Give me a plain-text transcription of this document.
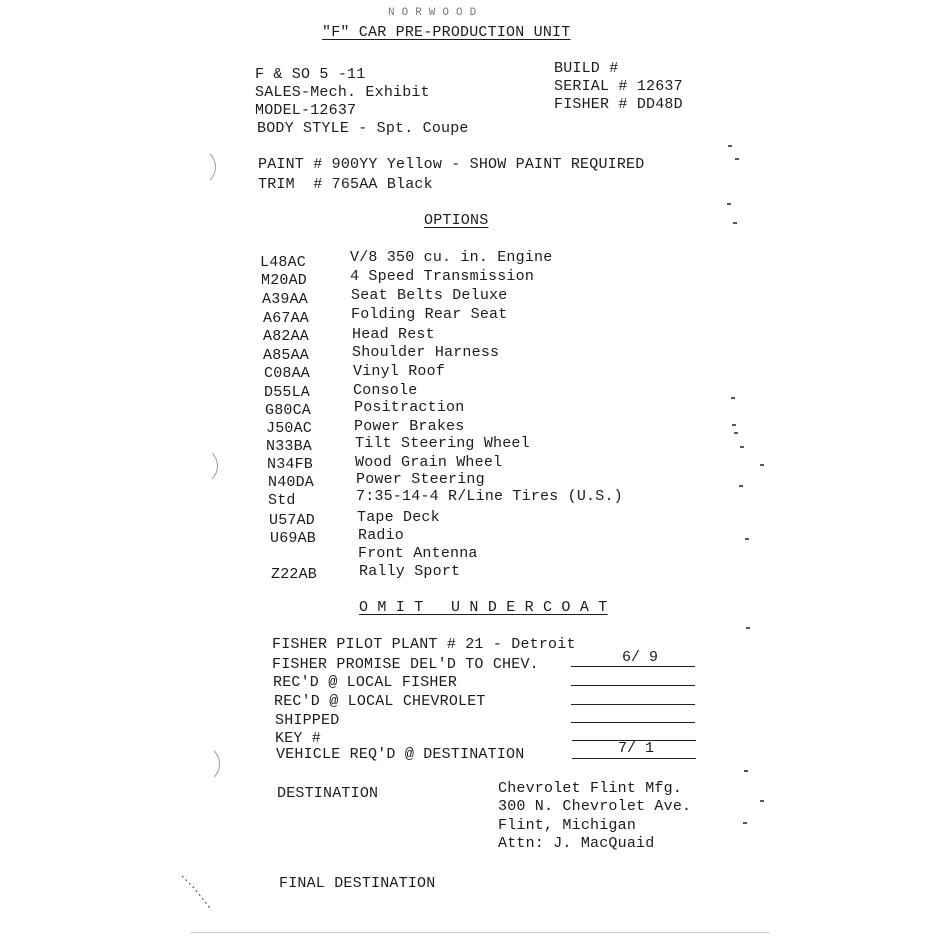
N O R W O O D
"F" CAR PRE-PRODUCTION UNIT
F & SO 5 -11
SALES-Mech. Exhibit
MODEL-12637
BODY STYLE - Spt. Coupe
BUILD #
SERIAL # 12637
FISHER # DD48D
PAINT # 900YY Yellow - SHOW PAINT REQUIRED
TRIM  # 765AA Black
OPTIONS
L48AC	V/8 350 cu. in. Engine
M20AD	4 Speed Transmission
A39AA	Seat Belts Deluxe
A67AA	Folding Rear Seat
A82AA	Head Rest
A85AA	Shoulder Harness
C08AA	Vinyl Roof
D55LA	Console
G80CA	Positraction
J50AC	Power Brakes
N33BA	Tilt Steering Wheel
N34FB	Wood Grain Wheel
N40DA	Power Steering
Std	7:35-14-4 R/Line Tires (U.S.)
U57AD	Tape Deck
U69AB	Radio
Front Antenna
Z22AB	Rally Sport
O M I T   U N D E R C O A T
FISHER PILOT PLANT # 21 - Detroit
FISHER PROMISE DEL'D TO CHEV.	6/ 9
REC'D @ LOCAL FISHER
REC'D @ LOCAL CHEVROLET
SHIPPED
KEY #
VEHICLE REQ'D @ DESTINATION	7/ 1
DESTINATION	Chevrolet Flint Mfg.
300 N. Chevrolet Ave.
Flint, Michigan
Attn: J. MacQuaid
FINAL DESTINATION
